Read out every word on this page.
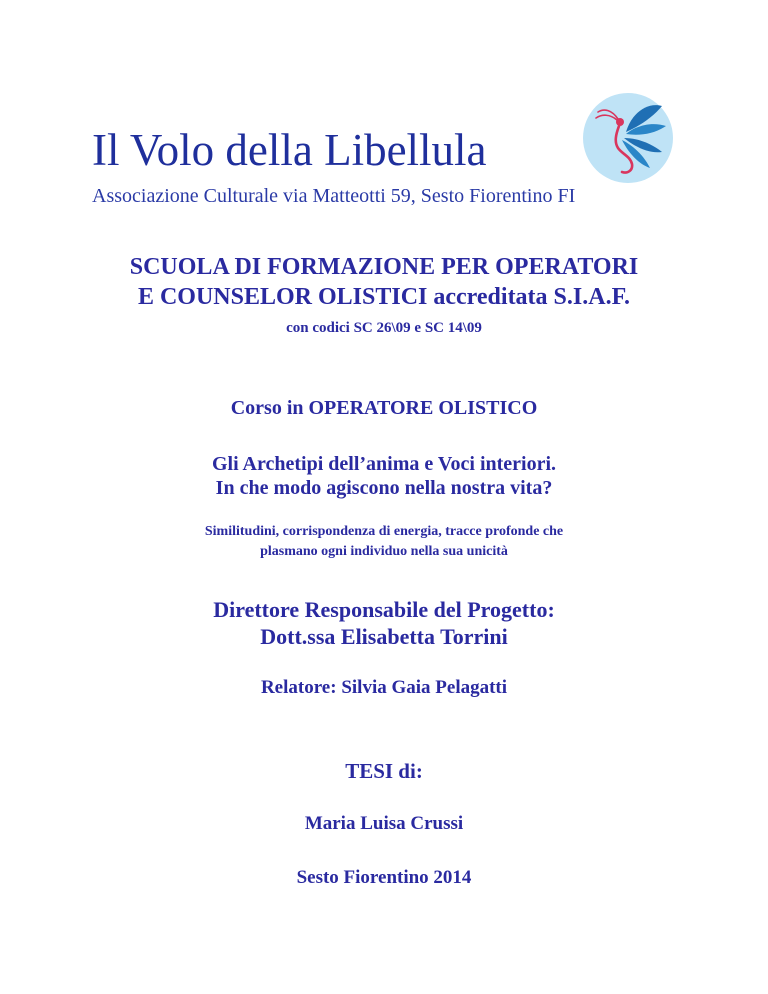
Il Volo della Libellula
Associazione Culturale via Matteotti 59, Sesto Fiorentino FI
SCUOLA DI FORMAZIONE PER OPERATORI
E COUNSELOR OLISTICI accreditata S.I.A.F.
con codici SC 26\09 e SC 14\09
Corso in OPERATORE OLISTICO
Gli Archetipi dell’anima e Voci interiori.
In che modo agiscono nella nostra vita?
Similitudini, corrispondenza di energia, tracce profonde che
plasmano ogni individuo nella sua unicità
Direttore Responsabile del Progetto:
Dott.ssa Elisabetta Torrini
Relatore: Silvia Gaia Pelagatti
TESI di:
Maria Luisa Crussi
Sesto Fiorentino 2014
